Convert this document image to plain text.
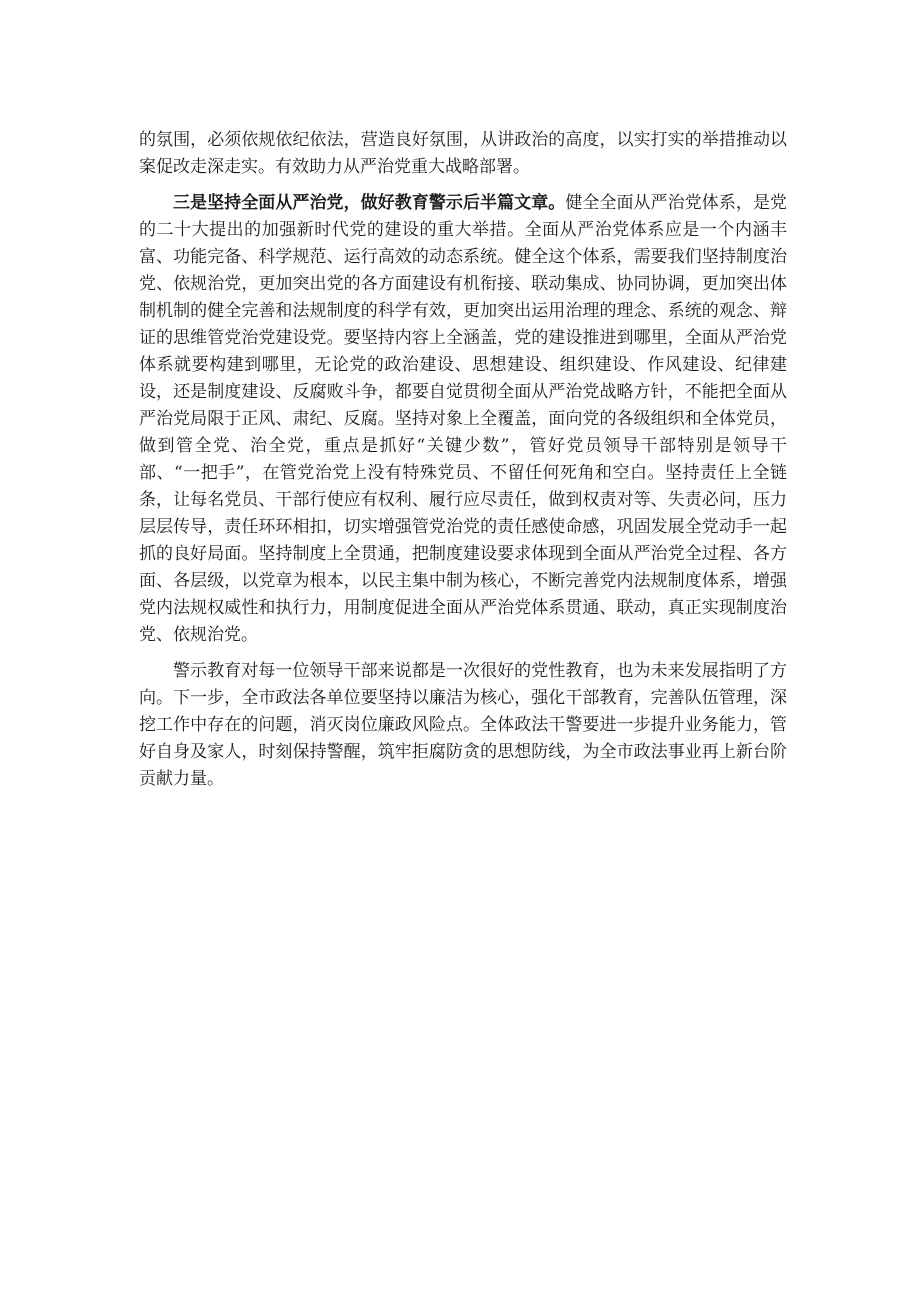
的氛围，必须依规依纪依法，营造良好氛围，从讲政治的高度，以实打实的举措推动以案促改走深走实。有效助力从严治党重大战略部署。

三是坚持全面从严治党，做好教育警示后半篇文章。健全全面从严治党体系，是党的二十大提出的加强新时代党的建设的重大举措。全面从严治党体系应是一个内涵丰富、功能完备、科学规范、运行高效的动态系统。健全这个体系，需要我们坚持制度治党、依规治党，更加突出党的各方面建设有机衔接、联动集成、协同协调，更加突出体制机制的健全完善和法规制度的科学有效，更加突出运用治理的理念、系统的观念、辩证的思维管党治党建设党。要坚持内容上全涵盖，党的建设推进到哪里，全面从严治党体系就要构建到哪里，无论党的政治建设、思想建设、组织建设、作风建设、纪律建设，还是制度建设、反腐败斗争，都要自觉贯彻全面从严治党战略方针，不能把全面从严治党局限于正风、肃纪、反腐。坚持对象上全覆盖，面向党的各级组织和全体党员，做到管全党、治全党，重点是抓好“关键少数”，管好党员领导干部特别是领导干部、“一把手”，在管党治党上没有特殊党员、不留任何死角和空白。坚持责任上全链条，让每名党员、干部行使应有权利、履行应尽责任，做到权责对等、失责必问，压力层层传导，责任环环相扣，切实增强管党治党的责任感使命感，巩固发展全党动手一起抓的良好局面。坚持制度上全贯通，把制度建设要求体现到全面从严治党全过程、各方面、各层级，以党章为根本，以民主集中制为核心，不断完善党内法规制度体系，增强党内法规权威性和执行力，用制度促进全面从严治党体系贯通、联动，真正实现制度治党、依规治党。

警示教育对每一位领导干部来说都是一次很好的党性教育，也为未来发展指明了方向。下一步，全市政法各单位要坚持以廉洁为核心，强化干部教育，完善队伍管理，深挖工作中存在的问题，消灭岗位廉政风险点。全体政法干警要进一步提升业务能力，管好自身及家人，时刻保持警醒，筑牢拒腐防贪的思想防线，为全市政法事业再上新台阶贡献力量。
